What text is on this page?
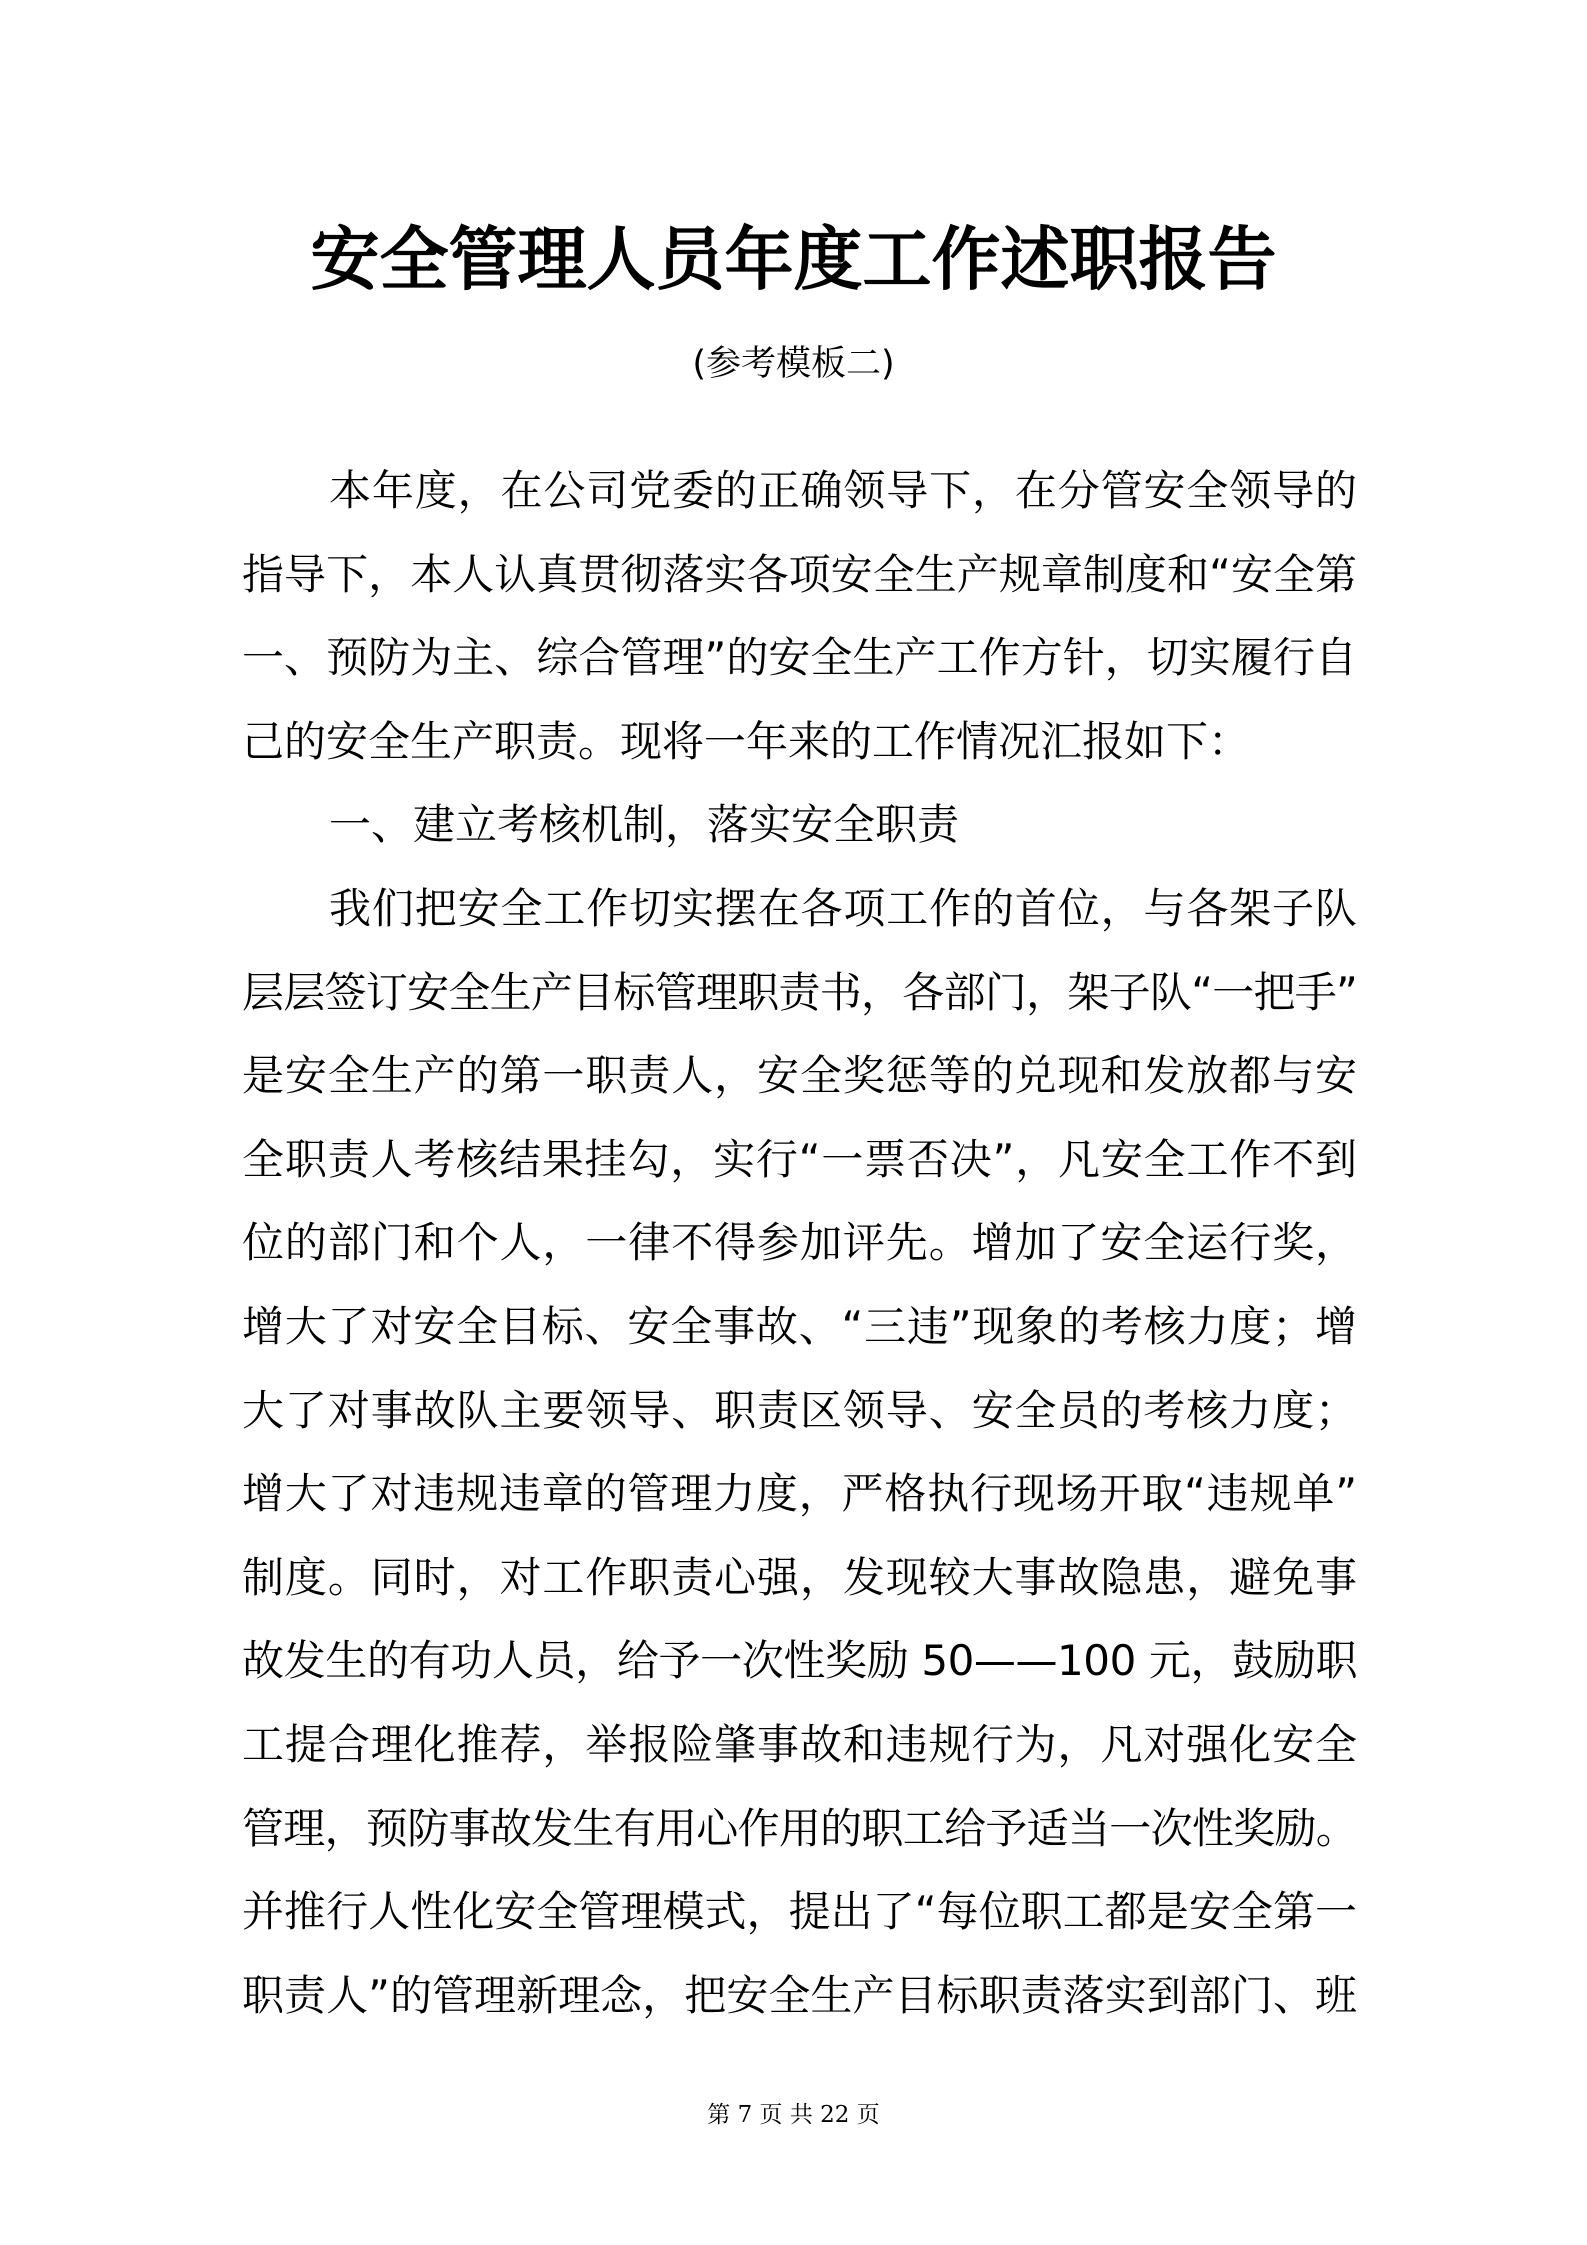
安全管理人员年度工作述职报告
(参考模板二)
本年度，在公司党委的正确领导下，在分管安全领导的
指导下，本人认真贯彻落实各项安全生产规章制度和“安全第
一、预防为主、综合管理”的安全生产工作方针，切实履行自
己的安全生产职责。现将一年来的工作情况汇报如下：
一、建立考核机制，落实安全职责
我们把安全工作切实摆在各项工作的首位，与各架子队
层层签订安全生产目标管理职责书，各部门，架子队“一把手”
是安全生产的第一职责人，安全奖惩等的兑现和发放都与安
全职责人考核结果挂勾，实行“一票否决”，凡安全工作不到
位的部门和个人，一律不得参加评先。增加了安全运行奖，
增大了对安全目标、安全事故、“三违”现象的考核力度；增
大了对事故队主要领导、职责区领导、安全员的考核力度；
增大了对违规违章的管理力度，严格执行现场开取“违规单”
制度。同时，对工作职责心强，发现较大事故隐患，避免事
故发生的有功人员，给予一次性奖励 50——100 元，鼓励职
工提合理化推荐，举报险肇事故和违规行为，凡对强化安全
管理，预防事故发生有用心作用的职工给予适当一次性奖励。
并推行人性化安全管理模式，提出了“每位职工都是安全第一
职责人”的管理新理念，把安全生产目标职责落实到部门、班
第 7 页 共 22 页
